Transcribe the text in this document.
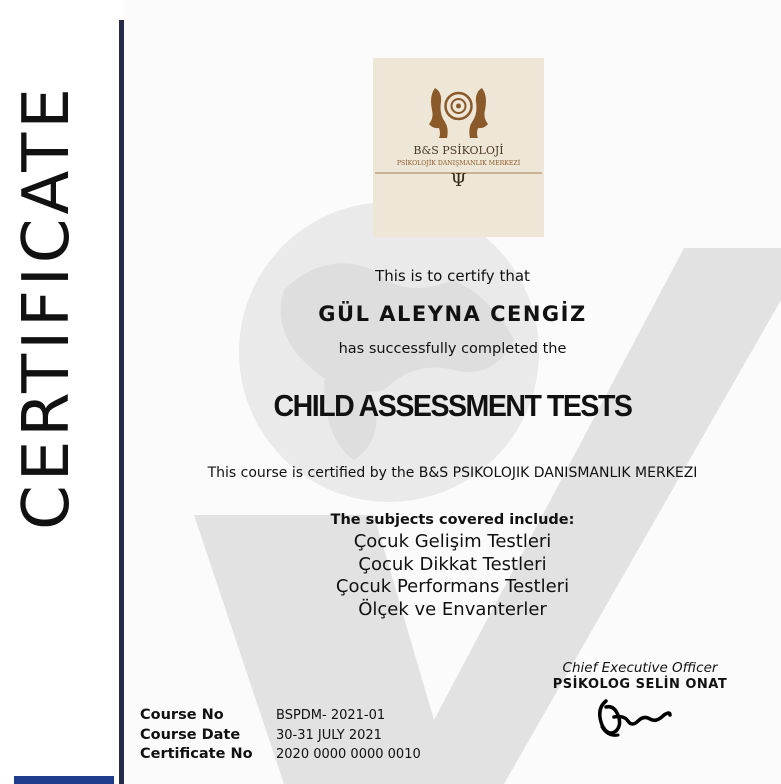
CERTIFICATE	B&S PSİKOLOJİ
PSİKOLOJİK DANIŞMANLIK MERKEZİ
Ψ
This is to certify that
GÜL ALEYNA CENGİZ
has successfully completed the
CHILD ASSESSMENT TESTS
This course is certified by the B&S PSIKOLOJIK DANISMANLIK MERKEZI
The subjects covered include:
Çocuk Gelişim Testleri
Çocuk Dikkat Testleri
Çocuk Performans Testleri
Ölçek ve Envanterler
Course No	BSPDM- 2021-01
Course Date	30-31 JULY 2021
Certificate No	2020 0000 0000 0010
Chief Executive Officer
PSİKOLOG SELİN ONAT
